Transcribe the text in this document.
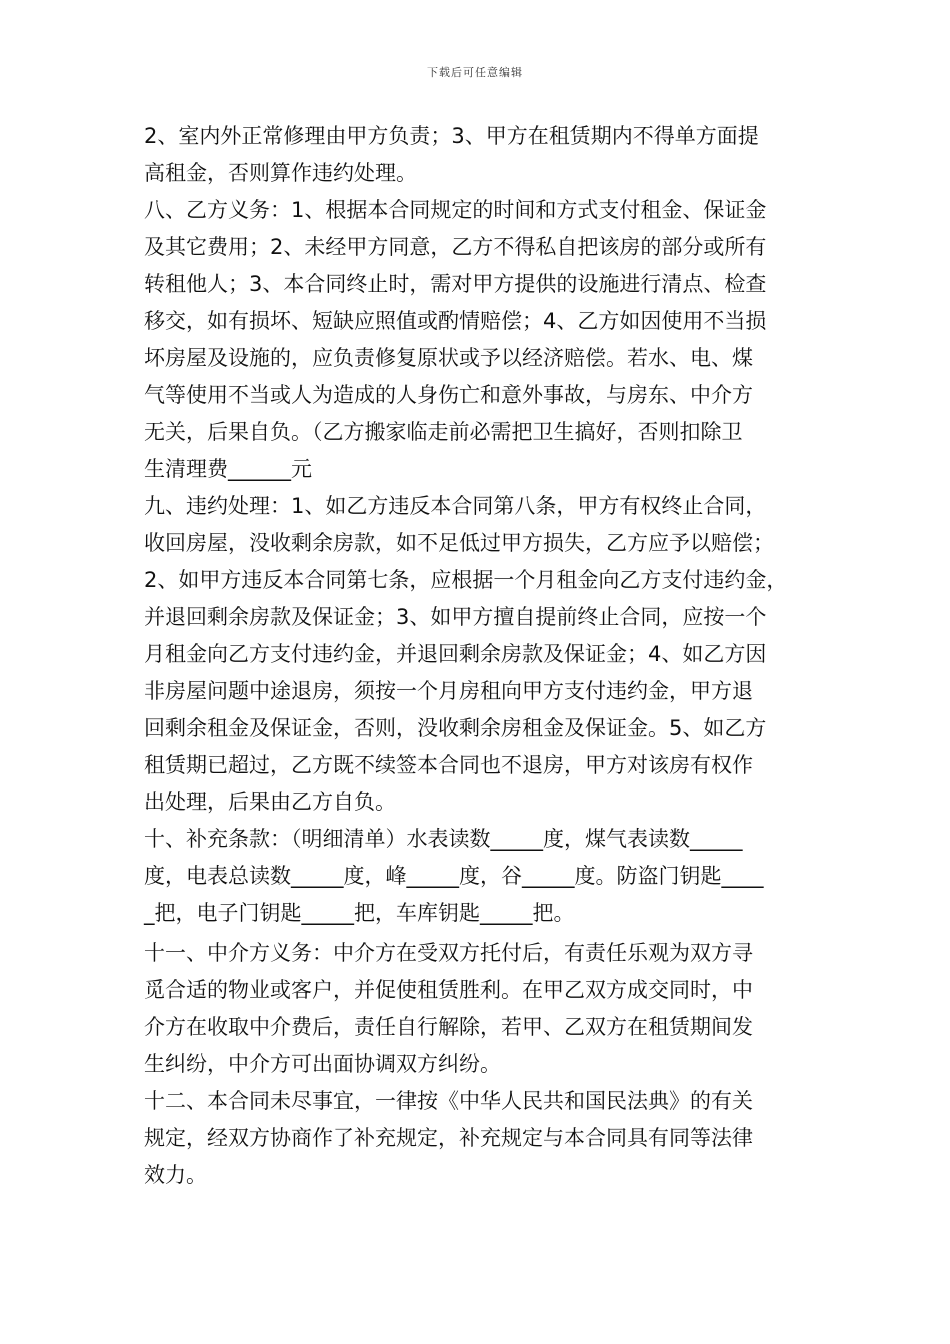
下载后可任意编辑
2、室内外正常修理由甲方负责；3、甲方在租赁期内不得单方面提
高租金，否则算作违约处理。
八、乙方义务：1、根据本合同规定的时间和方式支付租金、保证金
及其它费用；2、未经甲方同意，乙方不得私自把该房的部分或所有
转租他人；3、本合同终止时，需对甲方提供的设施进行清点、检查
移交，如有损坏、短缺应照值或酌情赔偿；4、乙方如因使用不当损
坏房屋及设施的，应负责修复原状或予以经济赔偿。若水、电、煤
气等使用不当或人为造成的人身伤亡和意外事故，与房东、中介方
无关，后果自负。（乙方搬家临走前必需把卫生搞好，否则扣除卫
生清理费______元
九、违约处理：1、如乙方违反本合同第八条，甲方有权终止合同，
收回房屋，没收剩余房款，如不足低过甲方损失，乙方应予以赔偿；
2、如甲方违反本合同第七条，应根据一个月租金向乙方支付违约金，
并退回剩余房款及保证金；3、如甲方擅自提前终止合同，应按一个
月租金向乙方支付违约金，并退回剩余房款及保证金；4、如乙方因
非房屋问题中途退房，须按一个月房租向甲方支付违约金，甲方退
回剩余租金及保证金，否则，没收剩余房租金及保证金。5、如乙方
租赁期已超过，乙方既不续签本合同也不退房，甲方对该房有权作
出处理，后果由乙方自负。
十、补充条款：（明细清单）水表读数_____度，煤气表读数_____
度，电表总读数_____度，峰_____度，谷_____度。防盗门钥匙____
_把，电子门钥匙_____把，车库钥匙_____把。
十一、中介方义务：中介方在受双方托付后，有责任乐观为双方寻
觅合适的物业或客户，并促使租赁胜利。在甲乙双方成交同时，中
介方在收取中介费后，责任自行解除，若甲、乙双方在租赁期间发
生纠纷，中介方可出面协调双方纠纷。
十二、本合同未尽事宜，一律按《中华人民共和国民法典》的有关
规定，经双方协商作了补充规定，补充规定与本合同具有同等法律
效力。
